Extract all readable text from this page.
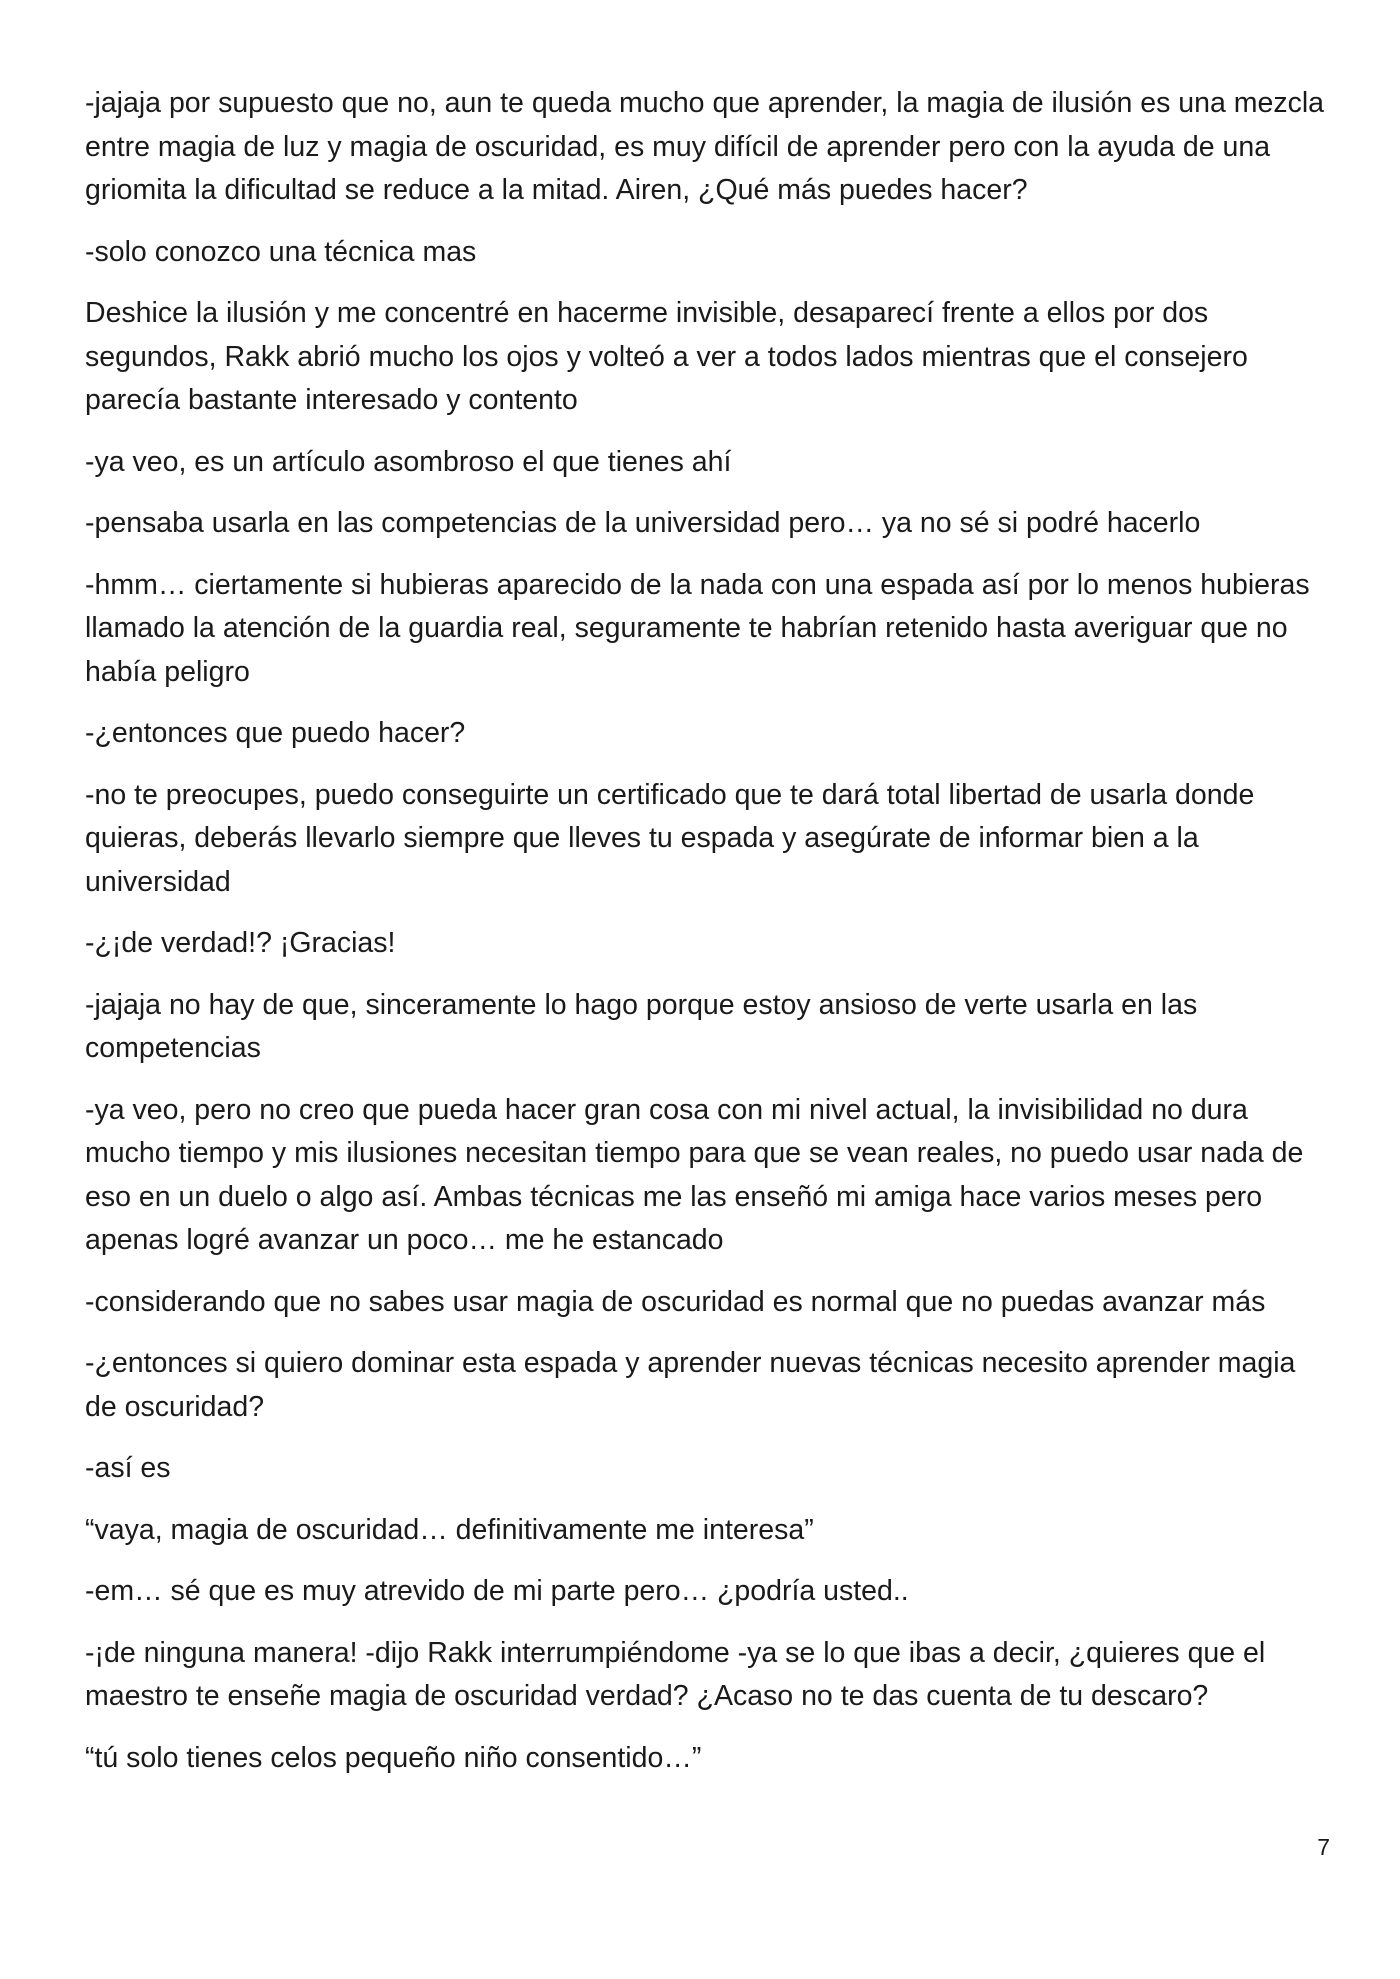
-jajaja por supuesto que no, aun te queda mucho que aprender, la magia de ilusión es una mezcla entre magia de luz y magia de oscuridad, es muy difícil de aprender pero con la ayuda de una griomita la dificultad se reduce a la mitad. Airen, ¿Qué más puedes hacer?

-solo conozco una técnica mas

Deshice la ilusión y me concentré en hacerme invisible, desaparecí frente a ellos por dos segundos, Rakk abrió mucho los ojos y volteó a ver a todos lados mientras que el consejero parecía bastante interesado y contento

-ya veo, es un artículo asombroso el que tienes ahí

-pensaba usarla en las competencias de la universidad pero… ya no sé si podré hacerlo

-hmm… ciertamente si hubieras aparecido de la nada con una espada así por lo menos hubieras llamado la atención de la guardia real, seguramente te habrían retenido hasta averiguar que no había peligro

-¿entonces que puedo hacer?

-no te preocupes, puedo conseguirte un certificado que te dará total libertad de usarla donde quieras, deberás llevarlo siempre que lleves tu espada y asegúrate de informar bien a la universidad

-¿¡de verdad!? ¡Gracias!

-jajaja no hay de que, sinceramente lo hago porque estoy ansioso de verte usarla en las competencias

-ya veo, pero no creo que pueda hacer gran cosa con mi nivel actual, la invisibilidad no dura mucho tiempo y mis ilusiones necesitan tiempo para que se vean reales, no puedo usar nada de eso en un duelo o algo así. Ambas técnicas me las enseñó mi amiga hace varios meses pero apenas logré avanzar un poco… me he estancado

-considerando que no sabes usar magia de oscuridad es normal que no puedas avanzar más

-¿entonces si quiero dominar esta espada y aprender nuevas técnicas necesito aprender magia de oscuridad?

-así es

“vaya, magia de oscuridad… definitivamente me interesa”

-em… sé que es muy atrevido de mi parte pero… ¿podría usted..

-¡de ninguna manera! -dijo Rakk interrumpiéndome -ya se lo que ibas a decir, ¿quieres que el maestro te enseñe magia de oscuridad verdad? ¿Acaso no te das cuenta de tu descaro?

“tú solo tienes celos pequeño niño consentido…”

7
